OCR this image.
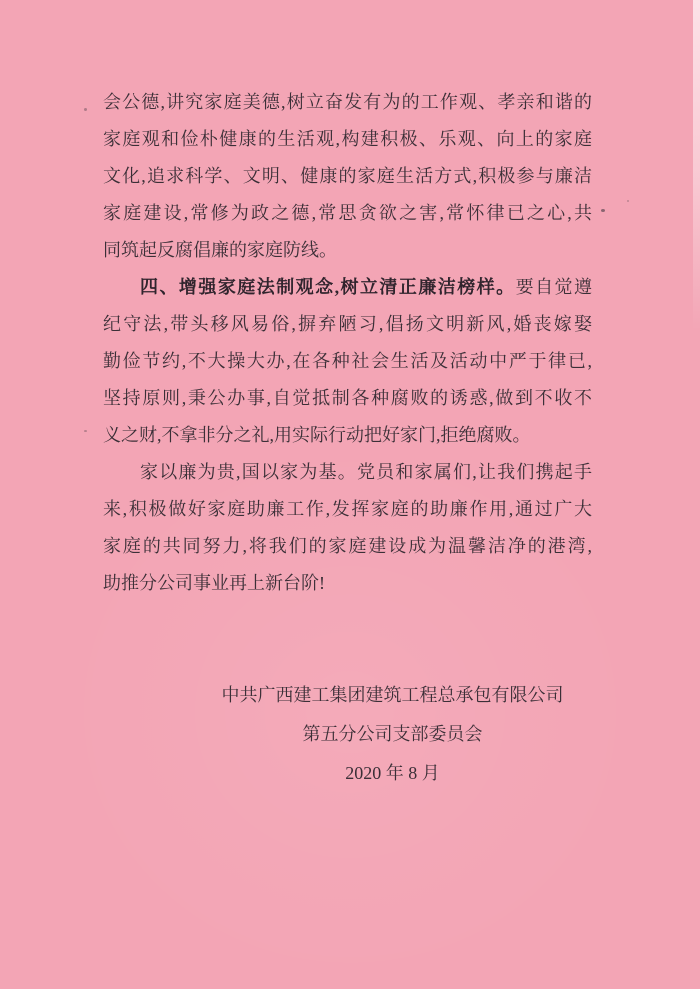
会公德,讲究家庭美德,树立奋发有为的工作观、孝亲和谐的
家庭观和俭朴健康的生活观,构建积极、乐观、向上的家庭
文化,追求科学、文明、健康的家庭生活方式,积极参与廉洁
家庭建设,常修为政之德,常思贪欲之害,常怀律已之心,共
同筑起反腐倡廉的家庭防线。
四、增强家庭法制观念,树立清正廉洁榜样。要自觉遵
纪守法,带头移风易俗,摒弃陋习,倡扬文明新风,婚丧嫁娶
勤俭节约,不大操大办,在各种社会生活及活动中严于律已,
坚持原则,秉公办事,自觉抵制各种腐败的诱惑,做到不收不
义之财,不拿非分之礼,用实际行动把好家门,拒绝腐败。
家以廉为贵,国以家为基。党员和家属们,让我们携起手
来,积极做好家庭助廉工作,发挥家庭的助廉作用,通过广大
家庭的共同努力,将我们的家庭建设成为温馨洁净的港湾,
助推分公司事业再上新台阶!
中共广西建工集团建筑工程总承包有限公司
第五分公司支部委员会
2020 年 8 月
